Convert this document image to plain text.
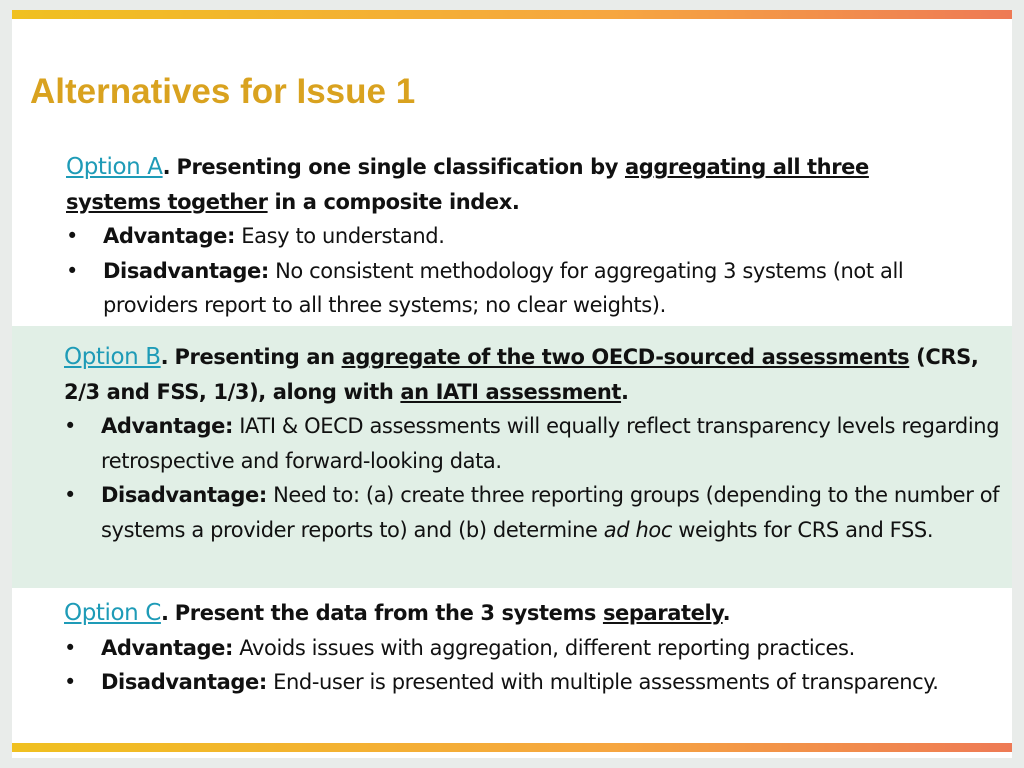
Alternatives for Issue 1

Option A. Presenting one single classification by aggregating all three systems together in a composite index.

•	Advantage: Easy to understand.
•	Disadvantage: No consistent methodology for aggregating 3 systems (not all providers report to all three systems; no clear weights).

Option B. Presenting an aggregate of the two OECD-sourced assessments (CRS, 2/3 and FSS, 1/3), along with an IATI assessment.

•	Advantage: IATI & OECD assessments will equally reflect transparency levels regarding retrospective and forward-looking data.
•	Disadvantage: Need to: (a) create three reporting groups (depending to the number of systems a provider reports to) and (b) determine ad hoc weights for CRS and FSS.

Option C. Present the data from the 3 systems separately.

•	Advantage: Avoids issues with aggregation, different reporting practices.
•	Disadvantage: End-user is presented with multiple assessments of transparency.
